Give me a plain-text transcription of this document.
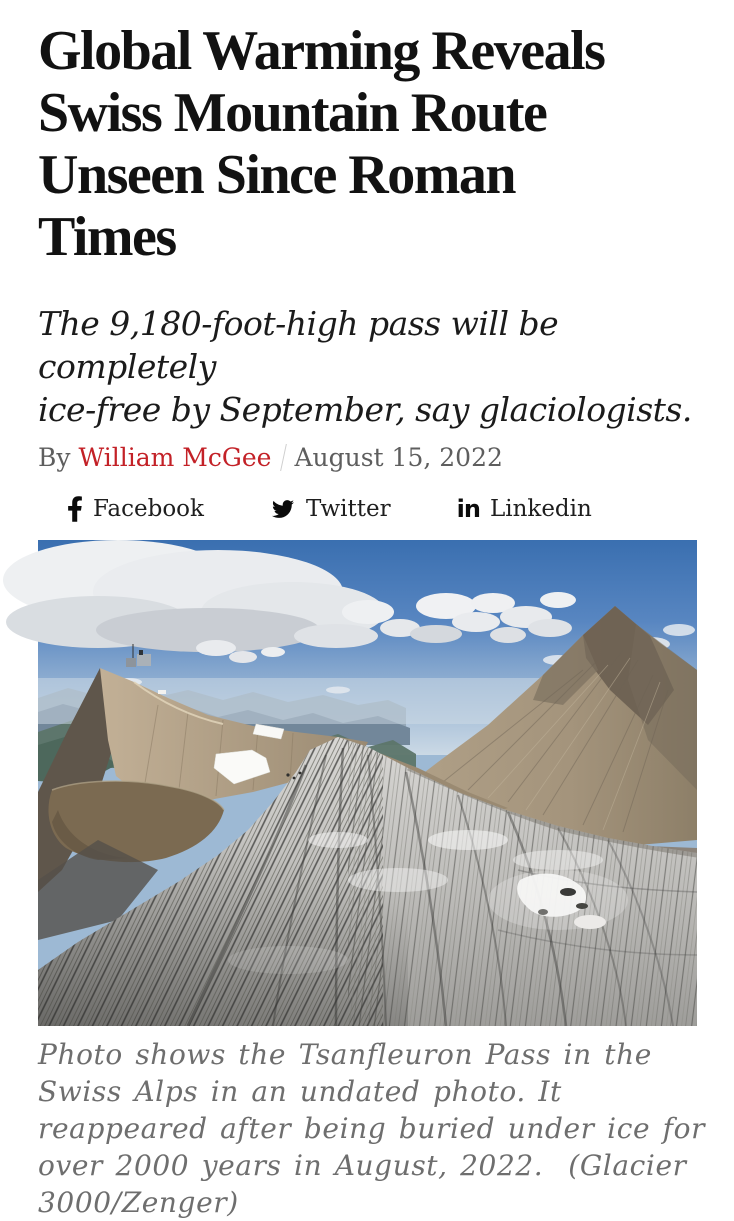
Global Warming Reveals
Swiss Mountain Route
Unseen Since Roman
Times
The 9,180-foot-high pass will be completely
ice-free by September, say glaciologists.
By William McGee August 15, 2022
Facebook	Twitter	in Linkedin
Photo shows the Tsanfleuron Pass in the
Swiss Alps in an undated photo. It
reappeared after being buried under ice for
over 2000 years in August, 2022.  (Glacier
3000/Zenger)
